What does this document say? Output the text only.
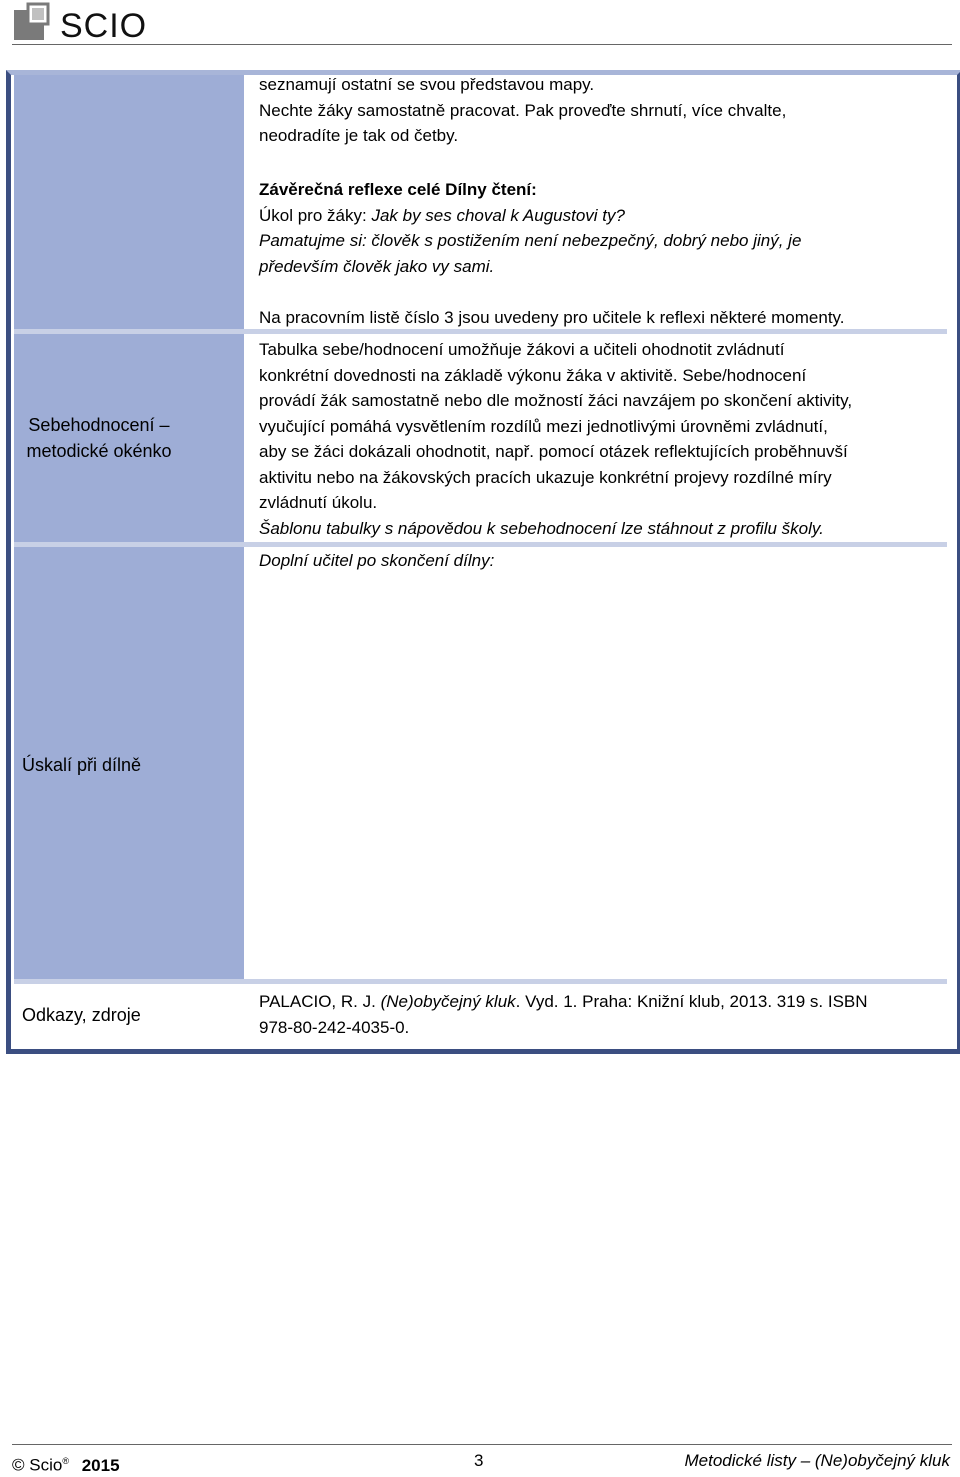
SCIO
seznamují ostatní se svou představou mapy.
Nechte žáky samostatně pracovat. Pak proveďte shrnutí, více chvalte,
neodradíte je tak od četby.
Závěrečná reflexe celé Dílny čtení:
Úkol pro žáky: Jak by ses choval k Augustovi ty?
Pamatujme si: člověk s postižením není nebezpečný, dobrý nebo jiný, je
především člověk jako vy sami.
Na pracovním listě číslo 3 jsou uvedeny pro učitele k reflexi některé momenty.
Sebehodnocení –
metodické okénko
Tabulka sebe/hodnocení umožňuje žákovi a učiteli ohodnotit zvládnutí
konkrétní dovednosti na základě výkonu žáka v aktivitě. Sebe/hodnocení
provádí žák samostatně nebo dle možností žáci navzájem po skončení aktivity,
vyučující pomáhá vysvětlením rozdílů mezi jednotlivými úrovněmi zvládnutí,
aby se žáci dokázali ohodnotit, např. pomocí otázek reflektujících proběhnuvší
aktivitu nebo na žákovských pracích ukazuje konkrétní projevy rozdílné míry
zvládnutí úkolu.
Šablonu tabulky s nápovědou k sebehodnocení lze stáhnout z profilu školy.
Úskalí při dílně
Doplní učitel po skončení dílny:
Odkazy, zdroje
PALACIO, R. J. (Ne)obyčejný kluk. Vyd. 1. Praha: Knižní klub, 2013. 319 s. ISBN
978-80-242-4035-0.
© Scio® 2015	3	Metodické listy – (Ne)obyčejný kluk
